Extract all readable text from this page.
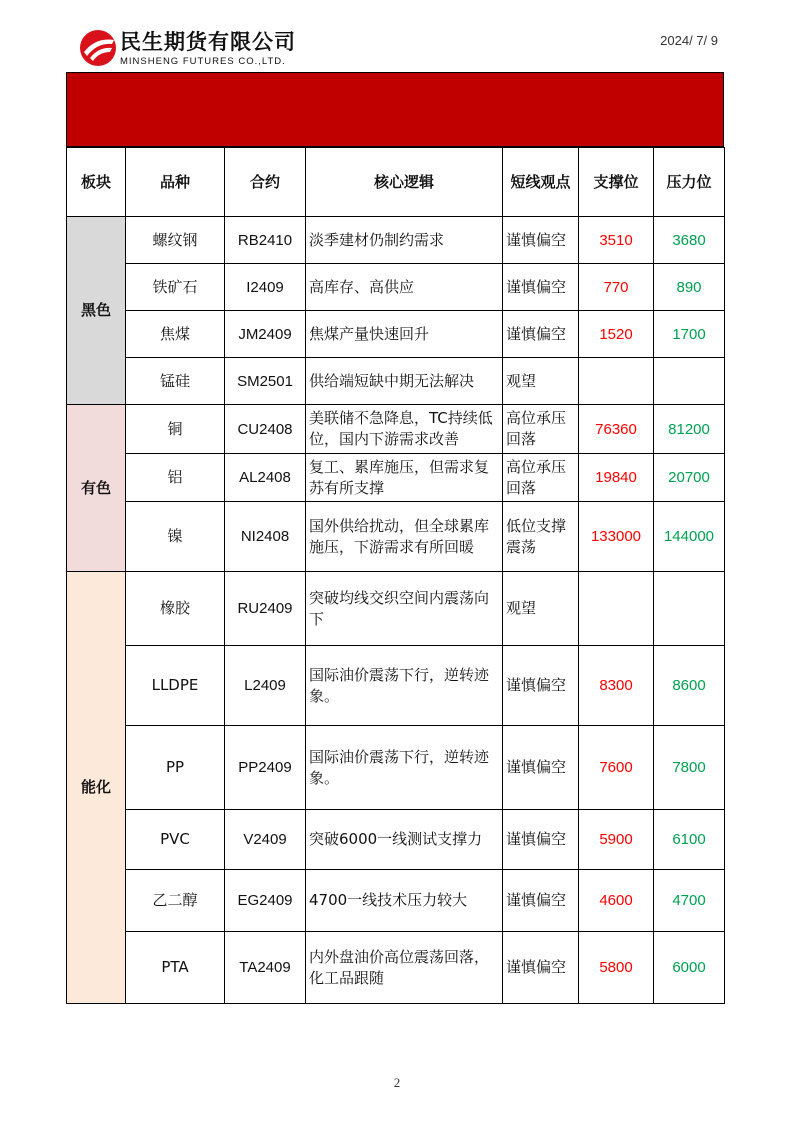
民生期货有限公司
MINSHENG FUTURES CO.,LTD.
2024/ 7/ 9
板块	品种	合约	核心逻辑	短线观点	支撑位	压力位
黑色	螺纹钢	RB2410	淡季建材仍制约需求	谨慎偏空	3510	3680
	铁矿石	I2409	高库存、高供应	谨慎偏空	770	890
	焦煤	JM2409	焦煤产量快速回升	谨慎偏空	1520	1700
	锰硅	SM2501	供给端短缺中期无法解决	观望		
有色	铜	CU2408	美联储不急降息，TC持续低位，国内下游需求改善	高位承压回落	76360	81200
	铝	AL2408	复工、累库施压，但需求复苏有所支撑	高位承压回落	19840	20700
	镍	NI2408	国外供给扰动，但全球累库施压，下游需求有所回暖	低位支撑震荡	133000	144000
能化	橡胶	RU2409	突破均线交织空间内震荡向下	观望		
	LLDPE	L2409	国际油价震荡下行，逆转迹象。	谨慎偏空	8300	8600
	PP	PP2409	国际油价震荡下行，逆转迹象。	谨慎偏空	7600	7800
	PVC	V2409	突破6000一线测试支撑力	谨慎偏空	5900	6100
	乙二醇	EG2409	4700一线技术压力较大	谨慎偏空	4600	4700
	PTA	TA2409	内外盘油价高位震荡回落，化工品跟随	谨慎偏空	5800	6000
2
